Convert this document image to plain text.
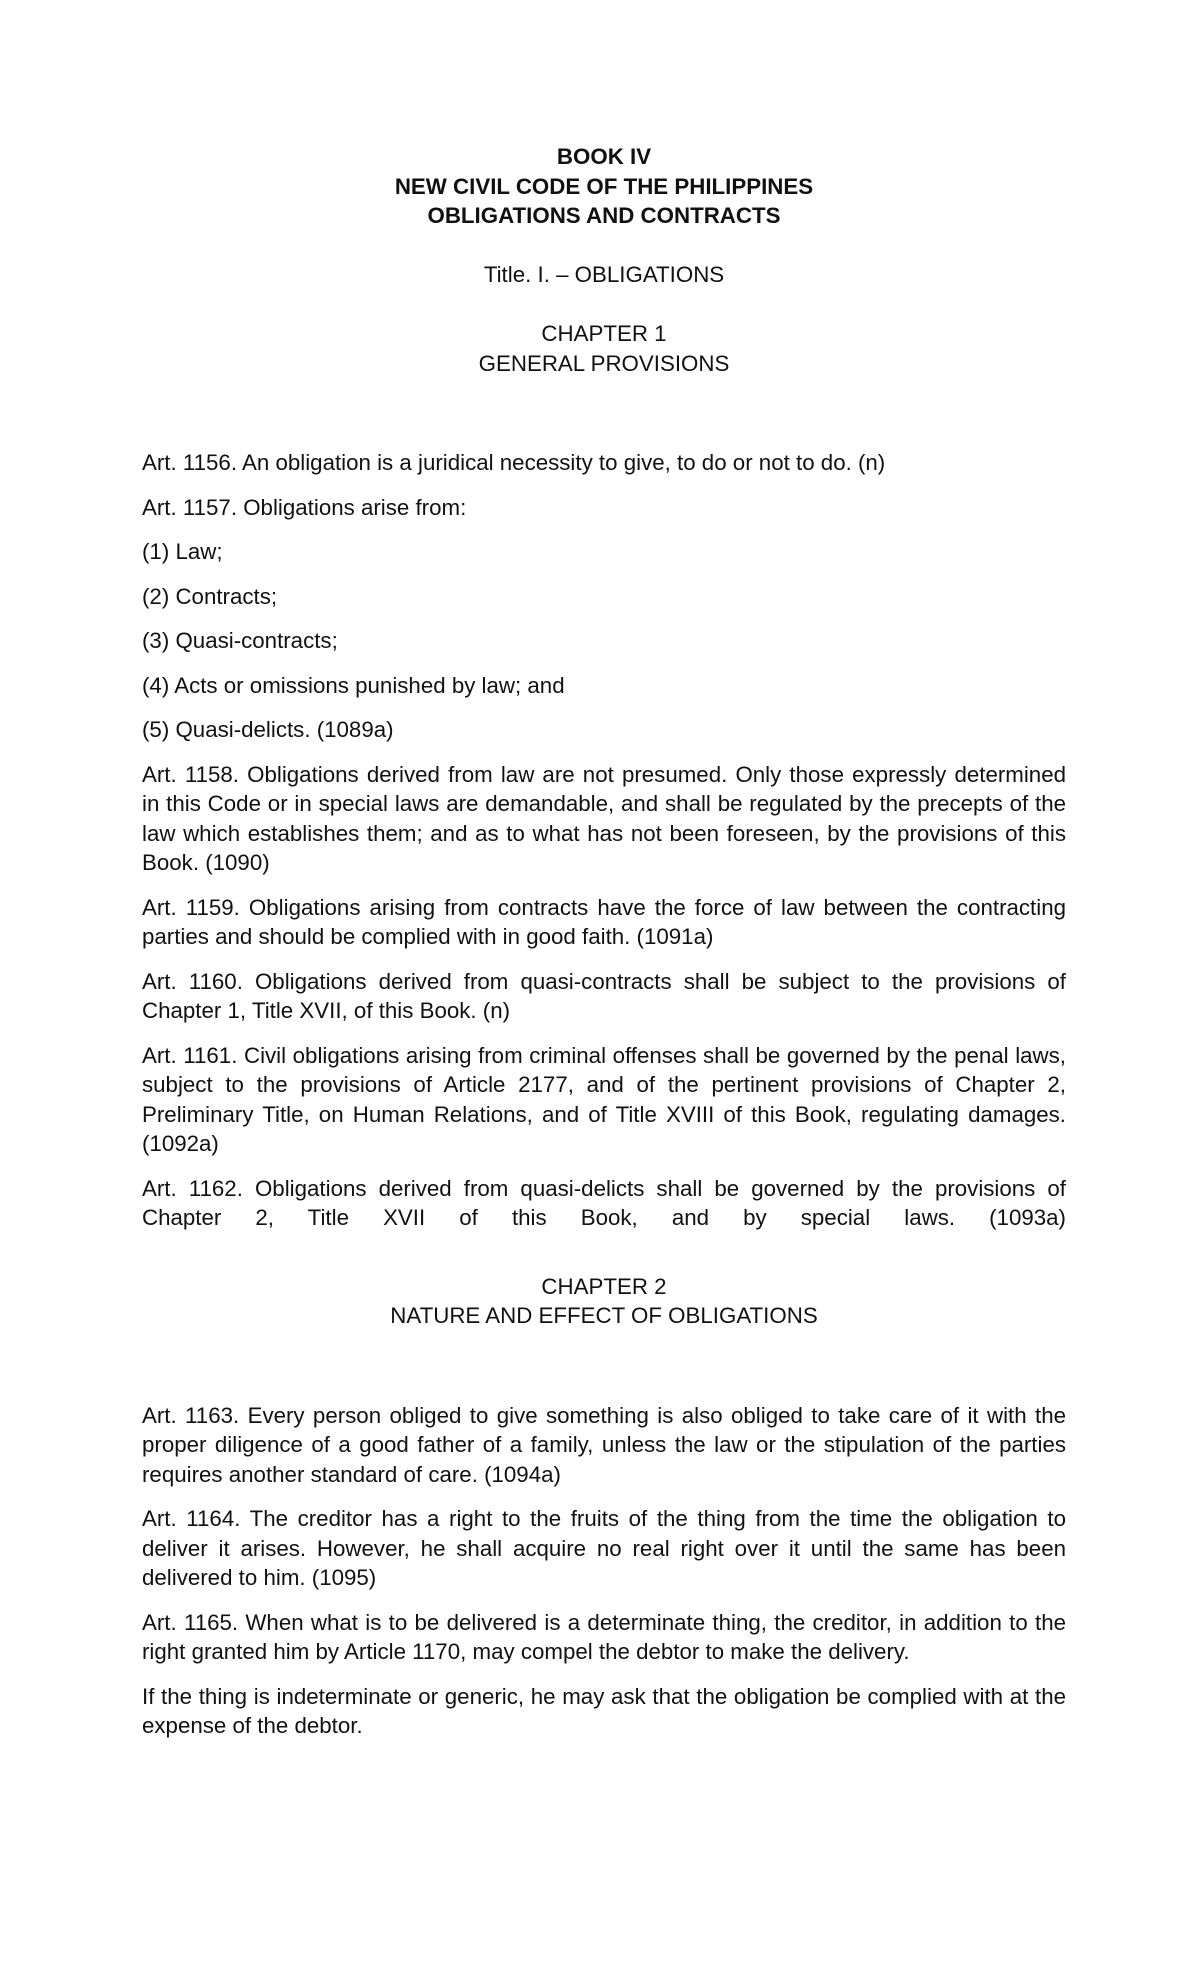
BOOK IV

NEW CIVIL CODE OF THE PHILIPPINES

OBLIGATIONS AND CONTRACTS

Title. I. – OBLIGATIONS

CHAPTER 1

GENERAL PROVISIONS

Art. 1156. An obligation is a juridical necessity to give, to do or not to do. (n)

Art. 1157. Obligations arise from:

(1) Law;

(2) Contracts;

(3) Quasi-contracts;

(4) Acts or omissions punished by law; and

(5) Quasi-delicts. (1089a)

Art. 1158. Obligations derived from law are not presumed. Only those expressly determined in this Code or in special laws are demandable, and shall be regulated by the precepts of the law which establishes them; and as to what has not been foreseen, by the provisions of this Book. (1090)

Art. 1159. Obligations arising from contracts have the force of law between the contracting parties and should be complied with in good faith. (1091a)

Art. 1160. Obligations derived from quasi-contracts shall be subject to the provisions of Chapter 1, Title XVII, of this Book. (n)

Art. 1161. Civil obligations arising from criminal offenses shall be governed by the penal laws, subject to the provisions of Article 2177, and of the pertinent provisions of Chapter 2, Preliminary Title, on Human Relations, and of Title XVIII of this Book, regulating damages. (1092a)

Art. 1162. Obligations derived from quasi-delicts shall be governed by the provisions of Chapter 2, Title XVII of this Book, and by special laws. (1093a)

CHAPTER 2

NATURE AND EFFECT OF OBLIGATIONS

Art. 1163. Every person obliged to give something is also obliged to take care of it with the proper diligence of a good father of a family, unless the law or the stipulation of the parties requires another standard of care. (1094a)

Art. 1164. The creditor has a right to the fruits of the thing from the time the obligation to deliver it arises. However, he shall acquire no real right over it until the same has been delivered to him. (1095)

Art. 1165. When what is to be delivered is a determinate thing, the creditor, in addition to the right granted him by Article 1170, may compel the debtor to make the delivery.

If the thing is indeterminate or generic, he may ask that the obligation be complied with at the expense of the debtor.
